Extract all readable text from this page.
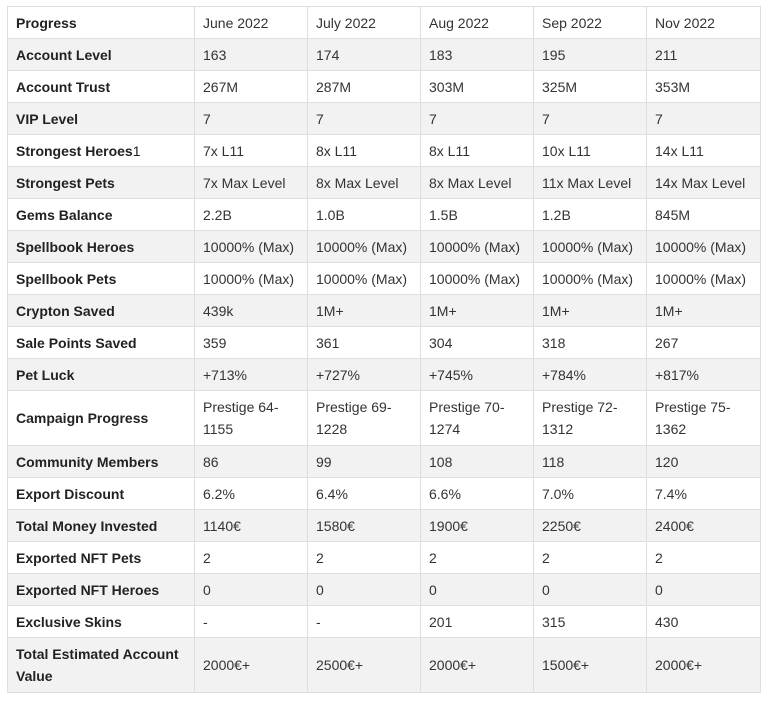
Progress	June 2022	July 2022	Aug 2022	Sep 2022	Nov 2022
Account Level	163	174	183	195	211
Account Trust	267M	287M	303M	325M	353M
VIP Level	7	7	7	7	7
Strongest Heroes1	7x L11	8x L11	8x L11	10x L11	14x L11
Strongest Pets	7x Max Level	8x Max Level	8x Max Level	11x Max Level	14x Max Level
Gems Balance	2.2B	1.0B	1.5B	1.2B	845M
Spellbook Heroes	10000% (Max)	10000% (Max)	10000% (Max)	10000% (Max)	10000% (Max)
Spellbook Pets	10000% (Max)	10000% (Max)	10000% (Max)	10000% (Max)	10000% (Max)
Crypton Saved	439k	1M+	1M+	1M+	1M+
Sale Points Saved	359	361	304	318	267
Pet Luck	+713%	+727%	+745%	+784%	+817%
Campaign Progress	Prestige 64-1155	Prestige 69-1228	Prestige 70-1274	Prestige 72-1312	Prestige 75-1362
Community Members	86	99	108	118	120
Export Discount	6.2%	6.4%	6.6%	7.0%	7.4%
Total Money Invested	1140€	1580€	1900€	2250€	2400€
Exported NFT Pets	2	2	2	2	2
Exported NFT Heroes	0	0	0	0	0
Exclusive Skins	-	-	201	315	430
Total Estimated Account Value	2000€+	2500€+	2000€+	1500€+	2000€+
